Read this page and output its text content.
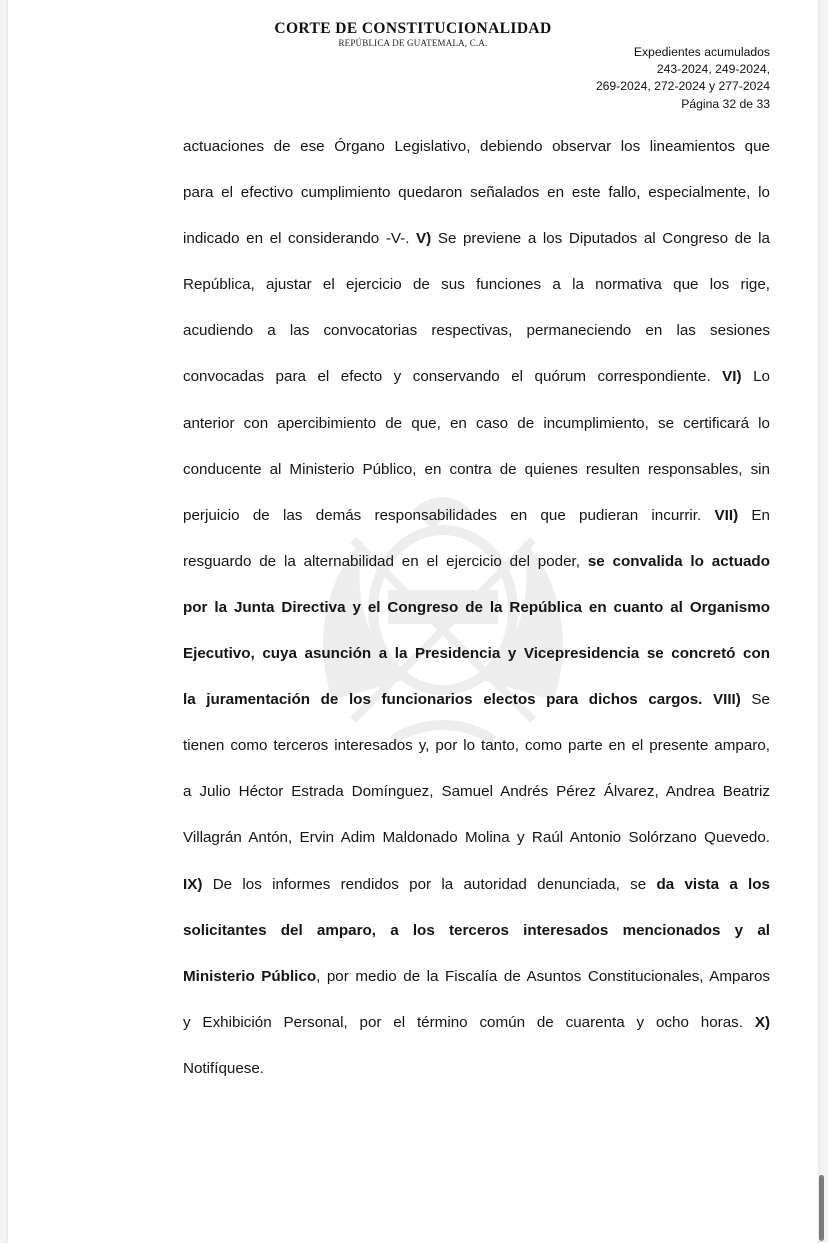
CORTE DE CONSTITUCIONALIDAD
REPÚBLICA DE GUATEMALA, C.A.
Expedientes acumulados
243-2024, 249-2024,
269-2024, 272-2024 y 277-2024
Página 32 de 33
actuaciones de ese Órgano Legislativo, debiendo observar los lineamientos que
para el efectivo cumplimiento quedaron señalados en este fallo, especialmente, lo
indicado en el considerando -V-. V) Se previene a los Diputados al Congreso de la
República, ajustar el ejercicio de sus funciones a la normativa que los rige,
acudiendo a las convocatorias respectivas, permaneciendo en las sesiones
convocadas para el efecto y conservando el quórum correspondiente. VI) Lo
anterior con apercibimiento de que, en caso de incumplimiento, se certificará lo
conducente al Ministerio Público, en contra de quienes resulten responsables, sin
perjuicio de las demás responsabilidades en que pudieran incurrir. VII) En
resguardo de la alternabilidad en el ejercicio del poder, se convalida lo actuado
por la Junta Directiva y el Congreso de la República en cuanto al Organismo
Ejecutivo, cuya asunción a la Presidencia y Vicepresidencia se concretó con
la juramentación de los funcionarios electos para dichos cargos. VIII) Se
tienen como terceros interesados y, por lo tanto, como parte en el presente amparo,
a Julio Héctor Estrada Domínguez, Samuel Andrés Pérez Álvarez, Andrea Beatriz
Villagrán Antón, Ervin Adim Maldonado Molina y Raúl Antonio Solórzano Quevedo.
IX) De los informes rendidos por la autoridad denunciada, se da vista a los
solicitantes del amparo, a los terceros interesados mencionados y al
Ministerio Público, por medio de la Fiscalía de Asuntos Constitucionales, Amparos
y Exhibición Personal, por el término común de cuarenta y ocho horas. X)
Notifíquese.
